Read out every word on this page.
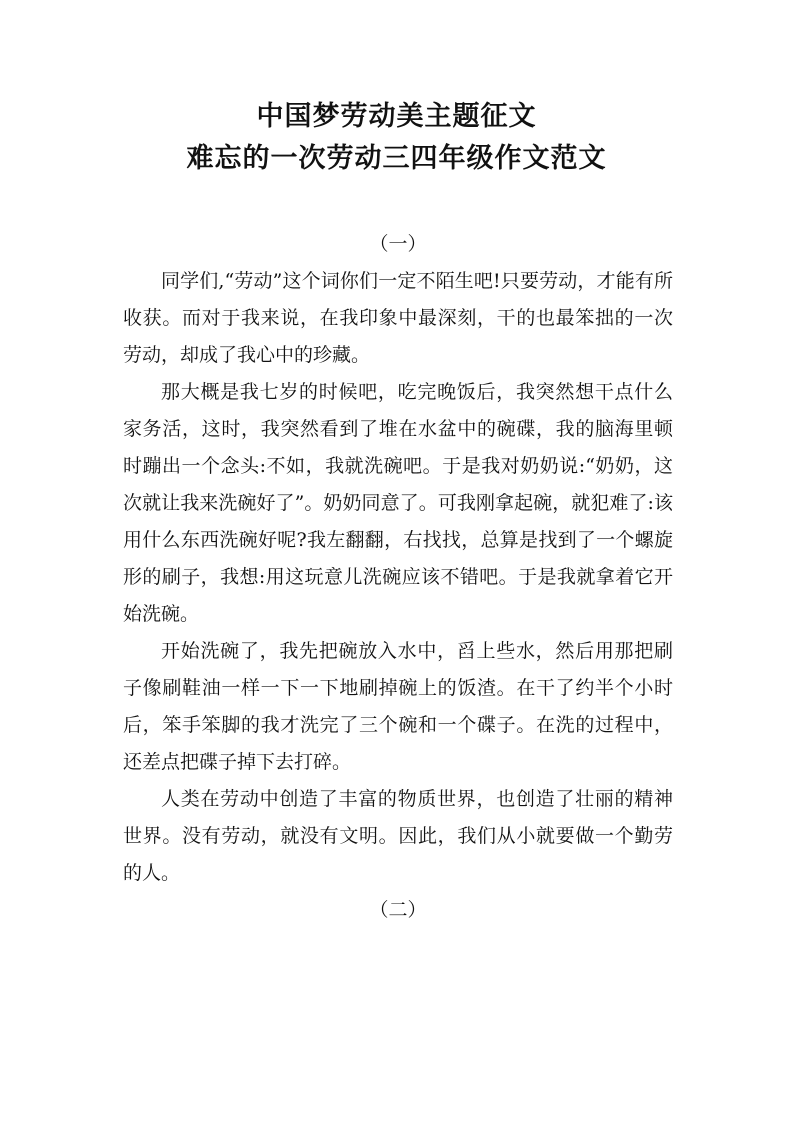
中国梦劳动美主题征文
难忘的一次劳动三四年级作文范文

（一）

同学们,“劳动”这个词你们一定不陌生吧!只要劳动，才能有所收获。而对于我来说，在我印象中最深刻，干的也最笨拙的一次劳动，却成了我心中的珍藏。

那大概是我七岁的时候吧，吃完晚饭后，我突然想干点什么家务活，这时，我突然看到了堆在水盆中的碗碟，我的脑海里顿时蹦出一个念头:不如，我就洗碗吧。于是我对奶奶说:“奶奶，这次就让我来洗碗好了”。奶奶同意了。可我刚拿起碗，就犯难了:该用什么东西洗碗好呢?我左翻翻，右找找，总算是找到了一个螺旋形的刷子，我想:用这玩意儿洗碗应该不错吧。于是我就拿着它开始洗碗。

开始洗碗了，我先把碗放入水中，舀上些水，然后用那把刷子像刷鞋油一样一下一下地刷掉碗上的饭渣。在干了约半个小时后，笨手笨脚的我才洗完了三个碗和一个碟子。在洗的过程中，还差点把碟子掉下去打碎。

人类在劳动中创造了丰富的物质世界，也创造了壮丽的精神世界。没有劳动，就没有文明。因此，我们从小就要做一个勤劳的人。

（二）
